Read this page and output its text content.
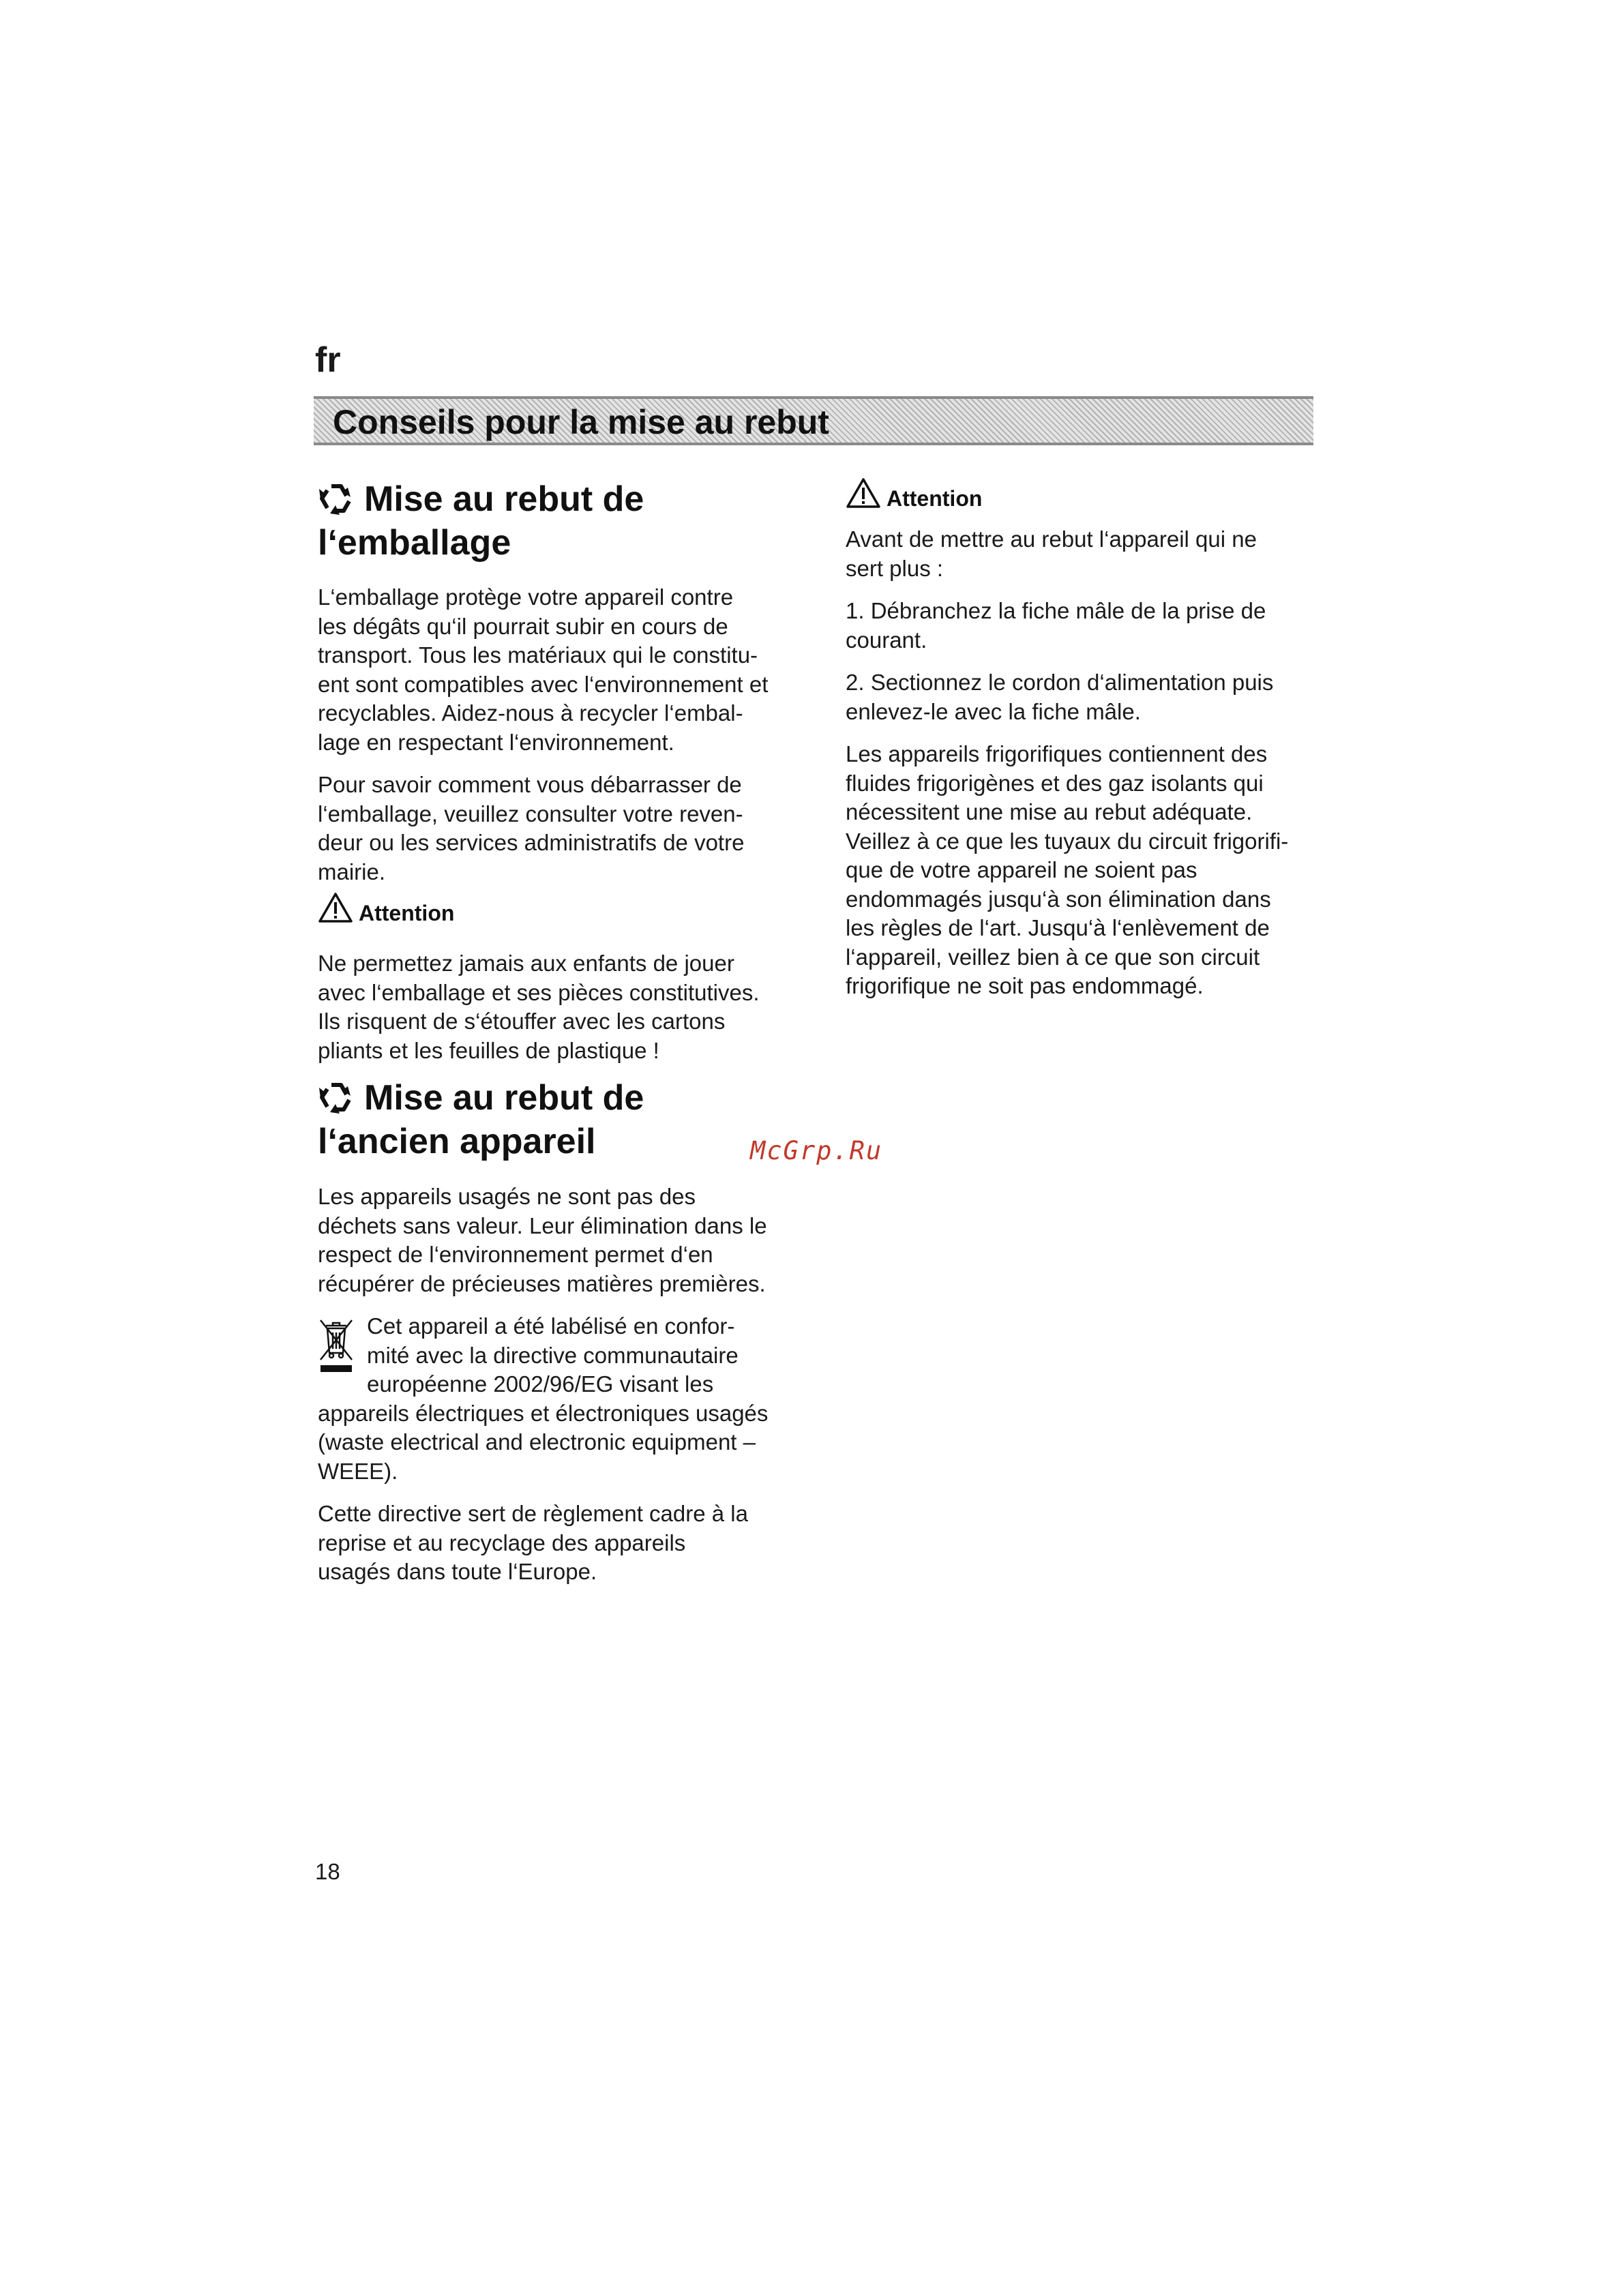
fr
Conseils pour la mise au rebut
Mise au rebut de
l‘emballage

L‘emballage protège votre appareil contre
les dégâts qu‘il pourrait subir en cours de
transport. Tous les matériaux qui le constitu-
ent sont compatibles avec l‘environnement et
recyclables. Aidez-nous à recycler l‘embal-
lage en respectant l‘environnement.

Pour savoir comment vous débarrasser de
l‘emballage, veuillez consulter votre reven-
deur ou les services administratifs de votre
mairie.

Attention

Ne permettez jamais aux enfants de jouer
avec l‘emballage et ses pièces constitutives.
Ils risquent de s‘étouffer avec les cartons
pliants et les feuilles de plastique !

Mise au rebut de
l‘ancien appareil

Les appareils usagés ne sont pas des
déchets sans valeur. Leur élimination dans le
respect de l‘environnement permet d‘en
récupérer de précieuses matières premières.

Cet appareil a été labélisé en confor-
mité avec la directive communautaire
européenne 2002/96/EG visant les
appareils électriques et électroniques usagés
(waste electrical and electronic equipment –
WEEE).

Cette directive sert de règlement cadre à la
reprise et au recyclage des appareils
usagés dans toute l‘Europe.

Attention

Avant de mettre au rebut l‘appareil qui ne
sert plus :

1. Débranchez la fiche mâle de la prise de
courant.

2. Sectionnez le cordon d‘alimentation puis
enlevez-le avec la fiche mâle.

Les appareils frigorifiques contiennent des
fluides frigorigènes et des gaz isolants qui
nécessitent une mise au rebut adéquate.
Veillez à ce que les tuyaux du circuit frigorifi-
que de votre appareil ne soient pas
endommagés jusqu‘à son élimination dans
les règles de l‘art. Jusqu‘à l‘enlèvement de
l‘appareil, veillez bien à ce que son circuit
frigorifique ne soit pas endommagé.

McGrp.Ru
18
